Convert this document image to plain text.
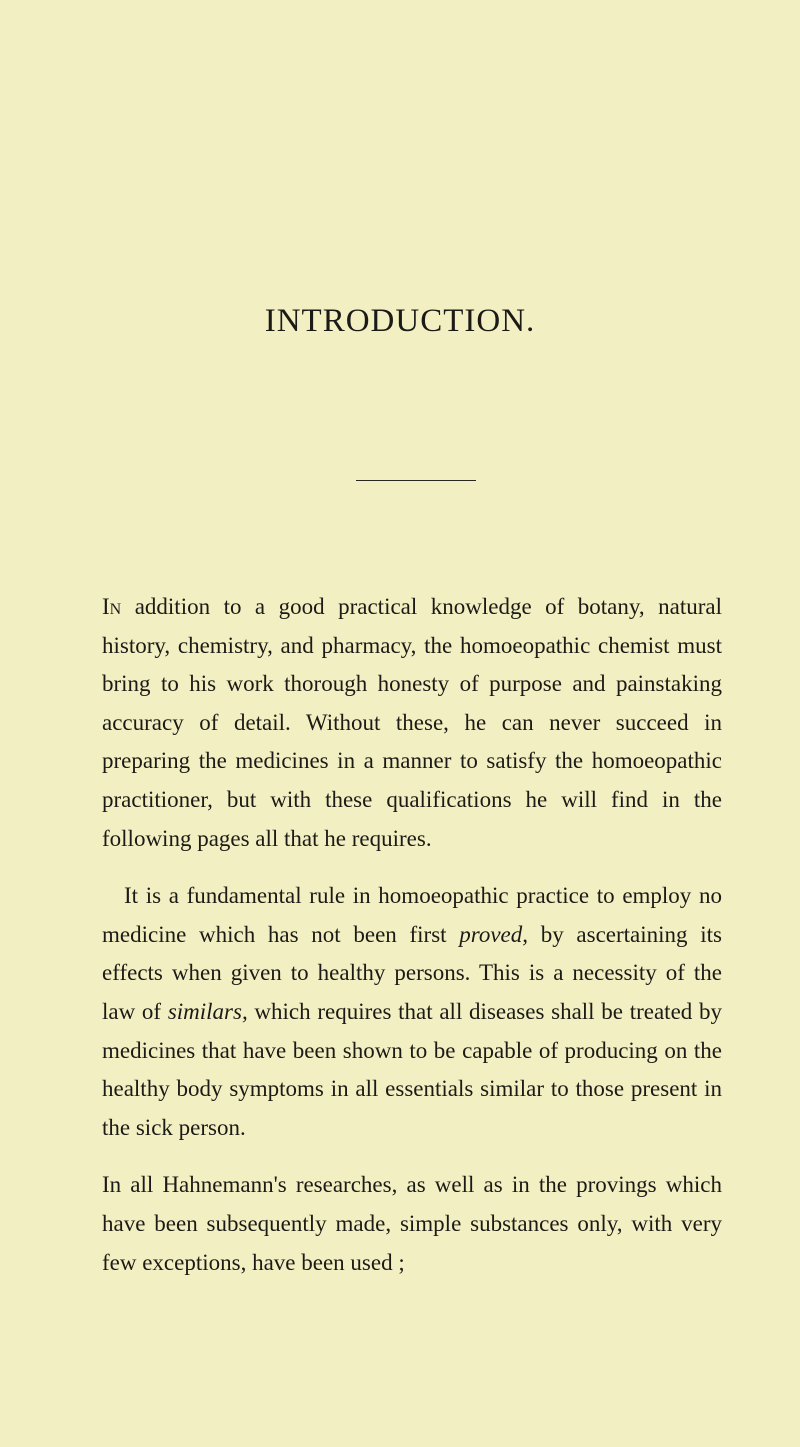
INTRODUCTION.

In addition to a good practical knowledge of botany, natural history, chemistry, and pharmacy, the homoeopathic chemist must bring to his work thorough honesty of purpose and painstaking accuracy of detail. Without these, he can never succeed in preparing the medicines in a manner to satisfy the homoeopathic practitioner, but with these qualifications he will find in the following pages all that he requires.

It is a fundamental rule in homoeopathic practice to employ no medicine which has not been first proved, by ascertaining its effects when given to healthy persons. This is a necessity of the law of similars, which requires that all diseases shall be treated by medicines that have been shown to be capable of producing on the healthy body symptoms in all essentials similar to those present in the sick person.

In all Hahnemann's researches, as well as in the provings which have been subsequently made, simple substances only, with very few exceptions, have been used ;
